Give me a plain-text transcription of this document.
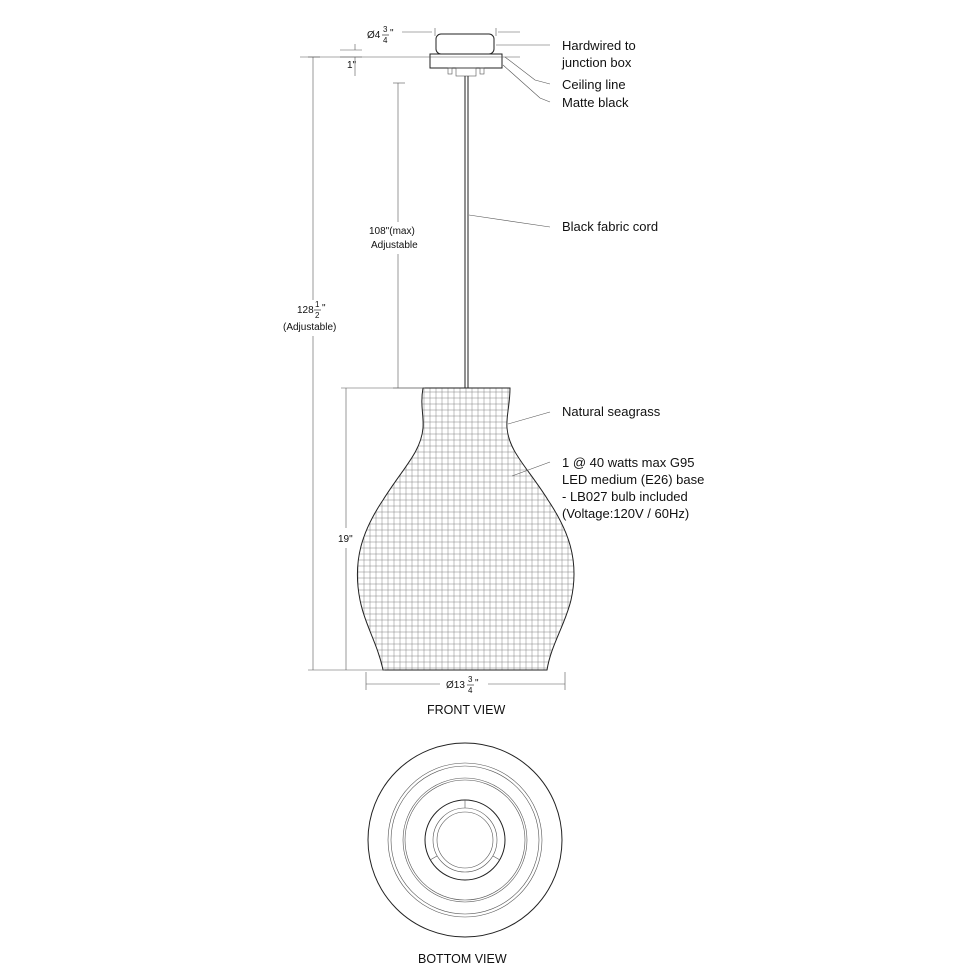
Ø4
3
4
"
1"
128
1
2
"
(Adjustable)
108"(max)
Adjustable
19"
Ø13
3
4
"
FRONT VIEW
Hardwired to
junction box
Ceiling line
Matte black
Black fabric cord
Natural seagrass
1 @ 40 watts max G95
LED medium (E26) base
- LB027 bulb included
(Voltage:120V / 60Hz)
BOTTOM VIEW
